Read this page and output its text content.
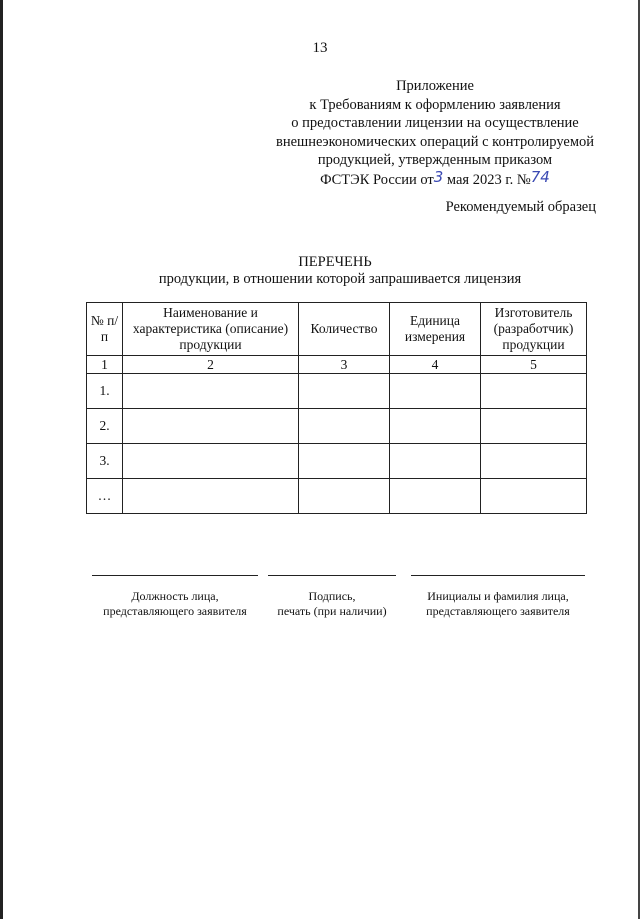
13
Приложение
к Требованиям к оформлению заявления
о предоставлении лицензии на осуществление
внешнеэкономических операций с контролируемой
продукцией, утвержденным приказом
ФСТЭК России от3 мая 2023 г. №74
Рекомендуемый образец
ПЕРЕЧЕНЬ
продукции, в отношении которой запрашивается лицензия
№ п/п	Наименование и характеристика (описание) продукции	Количество	Единица измерения	Изготовитель (разработчик) продукции
1	2	3	4	5
1.				
2.				
3.				
…				
Должность лица,
представляющего заявителя
Подпись,
печать (при наличии)
Инициалы и фамилия лица,
представляющего заявителя
